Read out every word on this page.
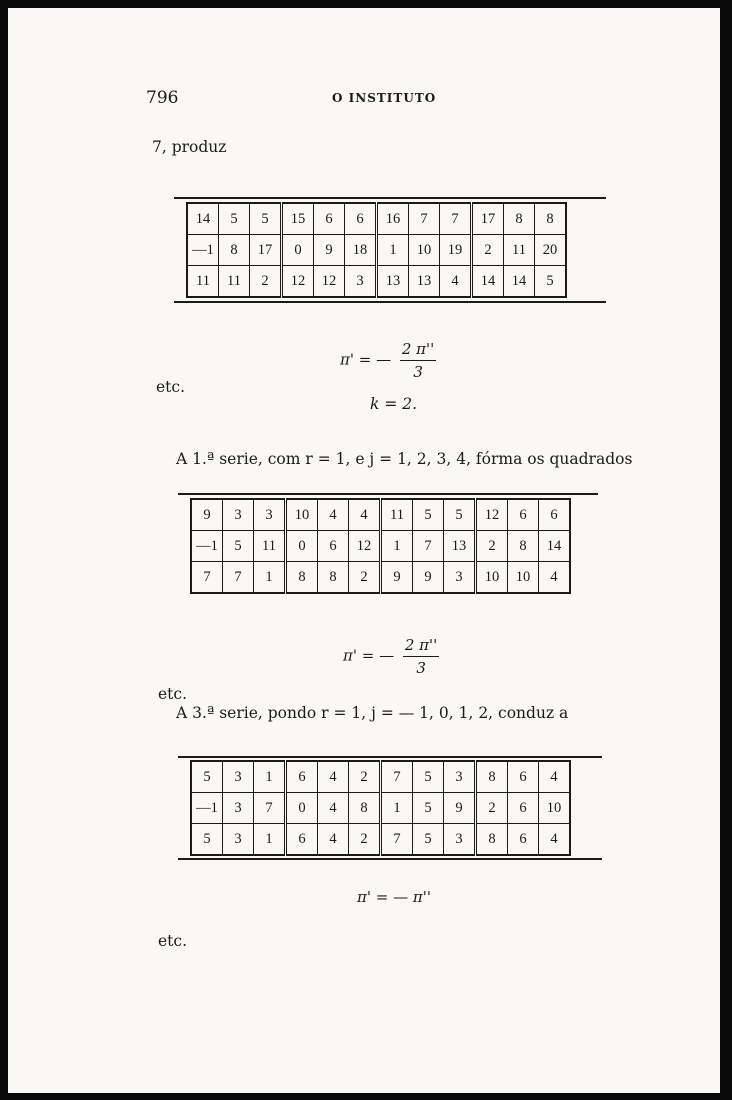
796	O INSTITUTO
7, produz
14	5	5	15	6	6	16	7	7	17	8	8
—1	8	17	0	9	18	1	10	19	2	11	20
11	11	2	12	12	3	13	13	4	14	14	5
π' = — $\frac{2 \pi''}{3}$
etc.
k = 2.
A 1.ª serie, com r = 1, e j = 1, 2, 3, 4, fórma os quadrados
9	3	3	10	4	4	11	5	5	12	6	6
—1	5	11	0	6	12	1	7	13	2	8	14
7	7	1	8	8	2	9	9	3	10	10	4
π' = — $\frac{2 \pi''}{3}$
etc.
A 3.ª serie, pondo r = 1, j = — 1, 0, 1, 2, conduz a
5	3	1	6	4	2	7	5	3	8	6	4
—1	3	7	0	4	8	1	5	9	2	6	10
5	3	1	6	4	2	7	5	3	8	6	4
π' = — π''
etc.
